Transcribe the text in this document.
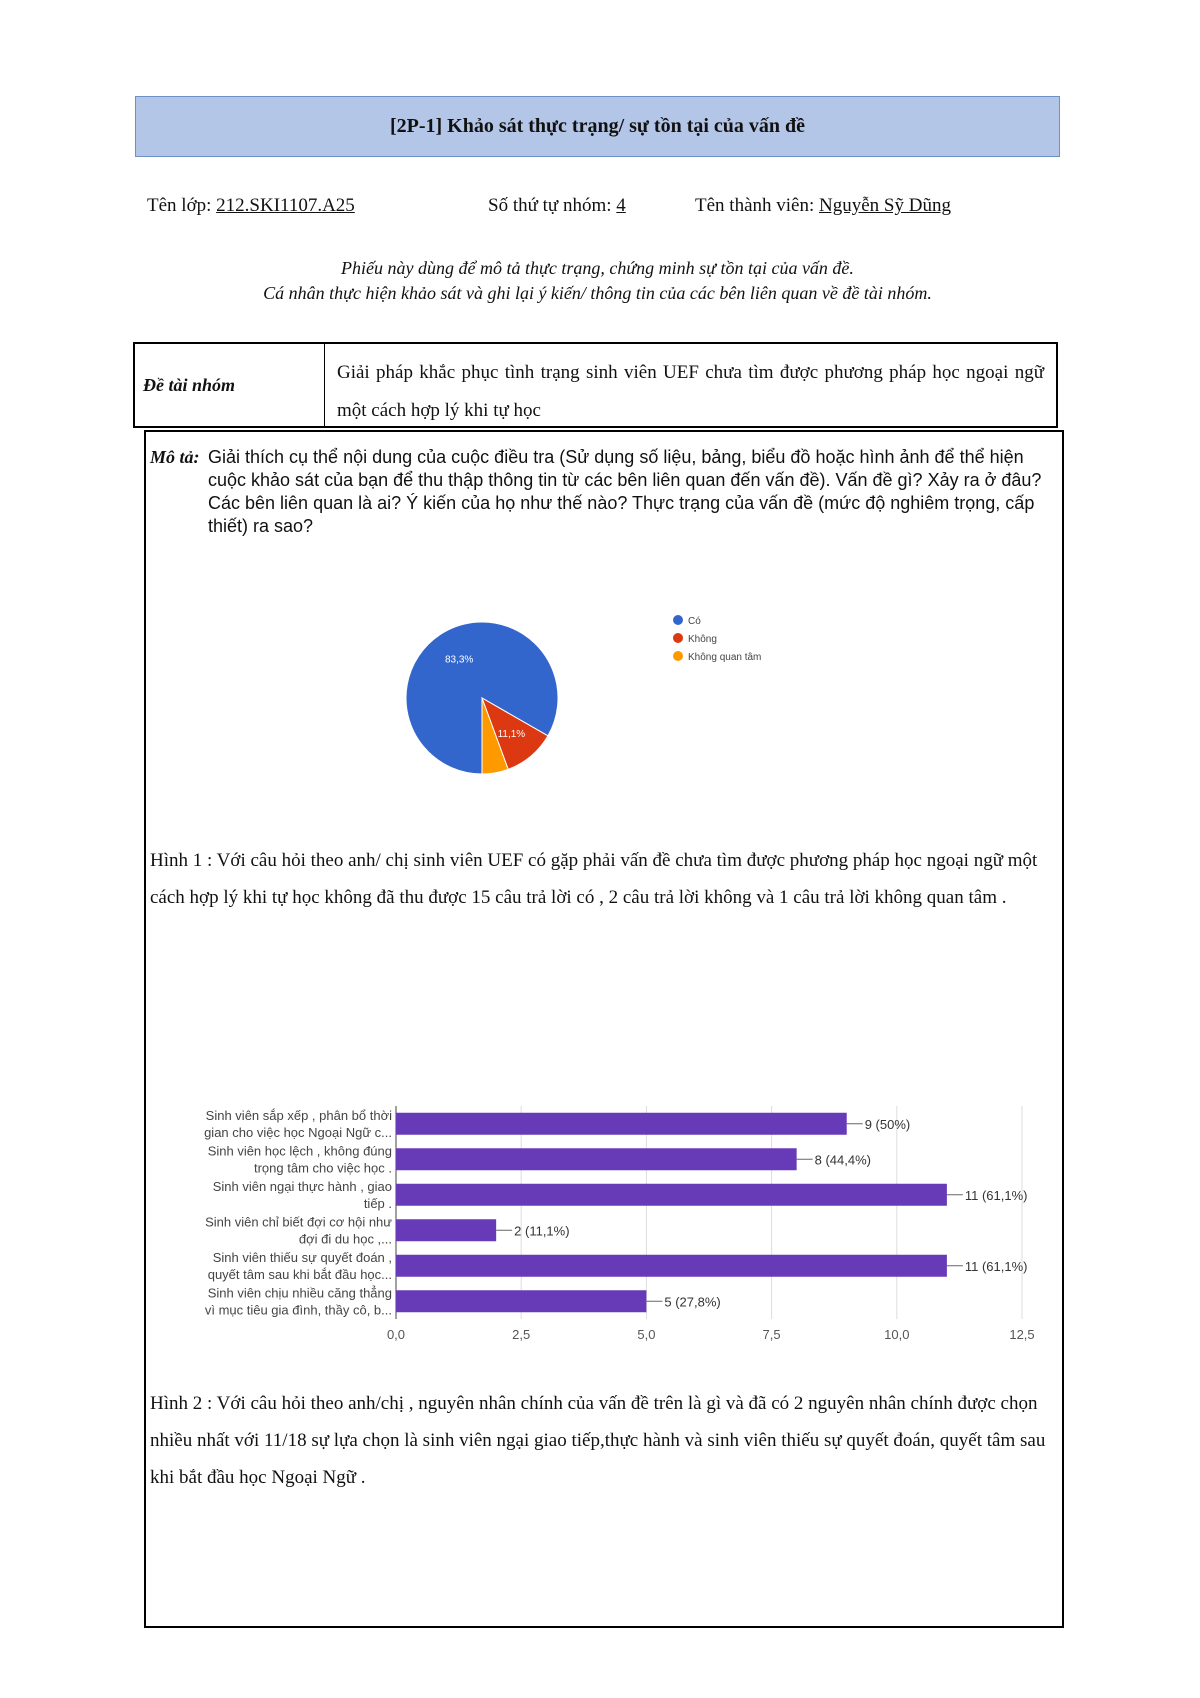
[2P-1] Khảo sát thực trạng/ sự tồn tại của vấn đề
Tên lớp: 212.SKI1107.A25	Số thứ tự nhóm: 4	Tên thành viên: Nguyễn Sỹ Dũng
Phiếu này dùng để mô tả thực trạng, chứng minh sự tồn tại của vấn đề.
Cá nhân thực hiện khảo sát và ghi lại ý kiến/ thông tin của các bên liên quan về đề tài nhóm.
Đề tài nhóm
Giải pháp khắc phục tình trạng sinh viên UEF chưa tìm được phương pháp học ngoại ngữ một cách hợp lý khi tự học
Mô tả: Giải thích cụ thể nội dung của cuộc điều tra (Sử dụng số liệu, bảng, biểu đồ hoặc hình ảnh để thể hiện cuộc khảo sát của bạn để thu thập thông tin từ các bên liên quan đến vấn đề). Vấn đề gì? Xảy ra ở đâu? Các bên liên quan là ai? Ý kiến của họ như thế nào? Thực trạng của vấn đề (mức độ nghiêm trọng, cấp thiết) ra sao?
83,3%
11,1%
Có
Không
Không quan tâm
Hình 1 : Với câu hỏi theo anh/ chị sinh viên UEF có gặp phải vấn đề chưa tìm được phương pháp học ngoại ngữ một cách hợp lý khi tự học không đã thu được 15 câu trả lời có , 2 câu trả lời không và 1 câu trả lời không quan tâm .
0,0	2,5	5,0	7,5	10,0	12,5
9 (50%)
Sinh viên sắp xếp , phân bổ thời
gian cho việc học Ngoại Ngữ c...
8 (44,4%)
Sinh viên học lệch , không đúng
trọng tâm cho việc học .
11 (61,1%)
Sinh viên ngại thực hành , giao
tiếp .
2 (11,1%)
Sinh viên chỉ biết đợi cơ hội như
đợi đi du học ,...
11 (61,1%)
Sinh viên thiếu sự quyết đoán ,
quyết tâm sau khi bắt đầu học...
5 (27,8%)
Sinh viên chịu nhiều căng thẳng
vì mục tiêu gia đình, thầy cô, b...
Hình 2 : Với câu hỏi theo anh/chị , nguyên nhân chính của vấn đề trên là gì và đã có 2 nguyên nhân chính được chọn nhiều nhất với 11/18 sự lựa chọn là sinh viên ngại giao tiếp,thực hành và sinh viên thiếu sự quyết đoán, quyết tâm sau khi bắt đầu học Ngoại Ngữ .
